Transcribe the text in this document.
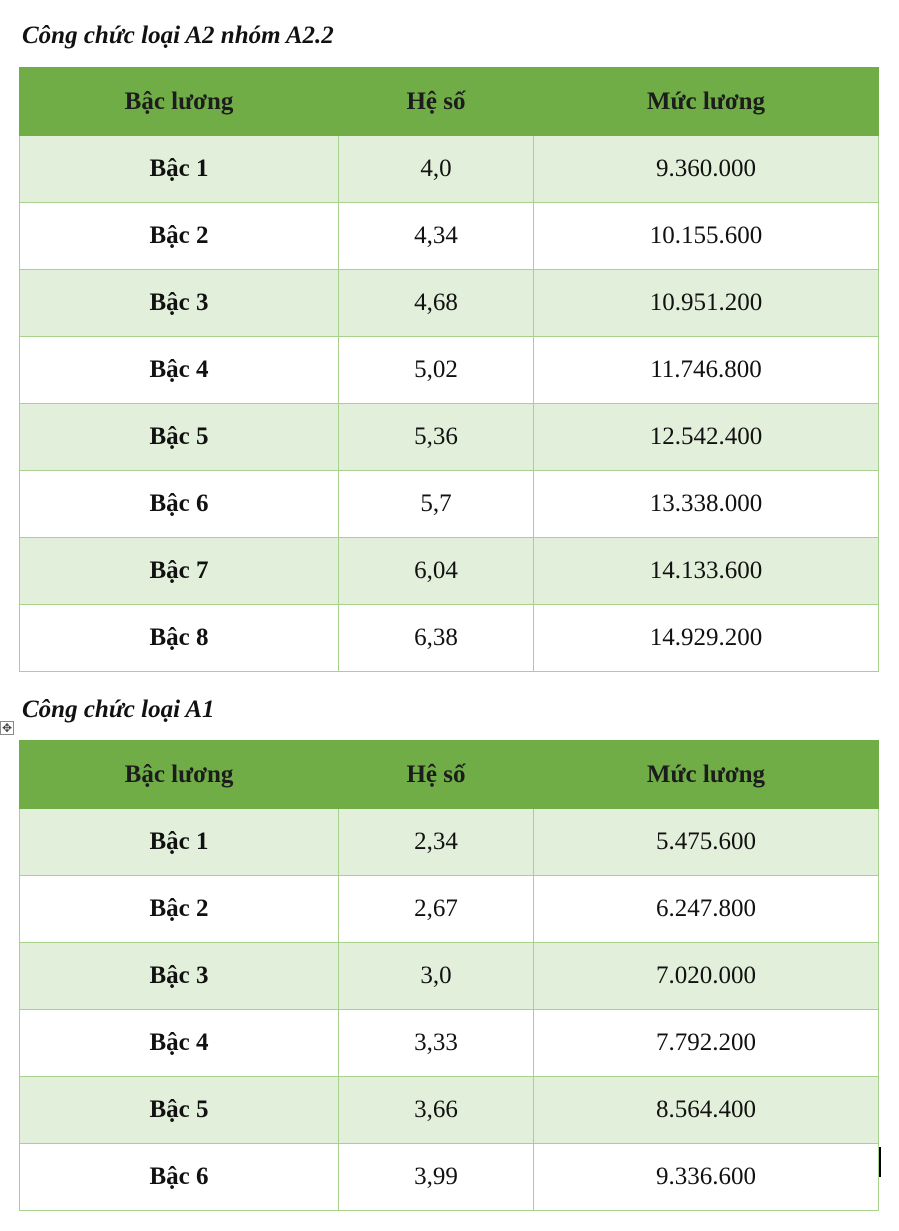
Công chức loại A2 nhóm A2.2
Bậc lương	Hệ số	Mức lương
Bậc 1	4,0	9.360.000
Bậc 2	4,34	10.155.600
Bậc 3	4,68	10.951.200
Bậc 4	5,02	11.746.800
Bậc 5	5,36	12.542.400
Bậc 6	5,7	13.338.000
Bậc 7	6,04	14.133.600
Bậc 8	6,38	14.929.200
Công chức loại A1
✥
Bậc lương	Hệ số	Mức lương
Bậc 1	2,34	5.475.600
Bậc 2	2,67	6.247.800
Bậc 3	3,0	7.020.000
Bậc 4	3,33	7.792.200
Bậc 5	3,66	8.564.400
Bậc 6	3,99	9.336.600
